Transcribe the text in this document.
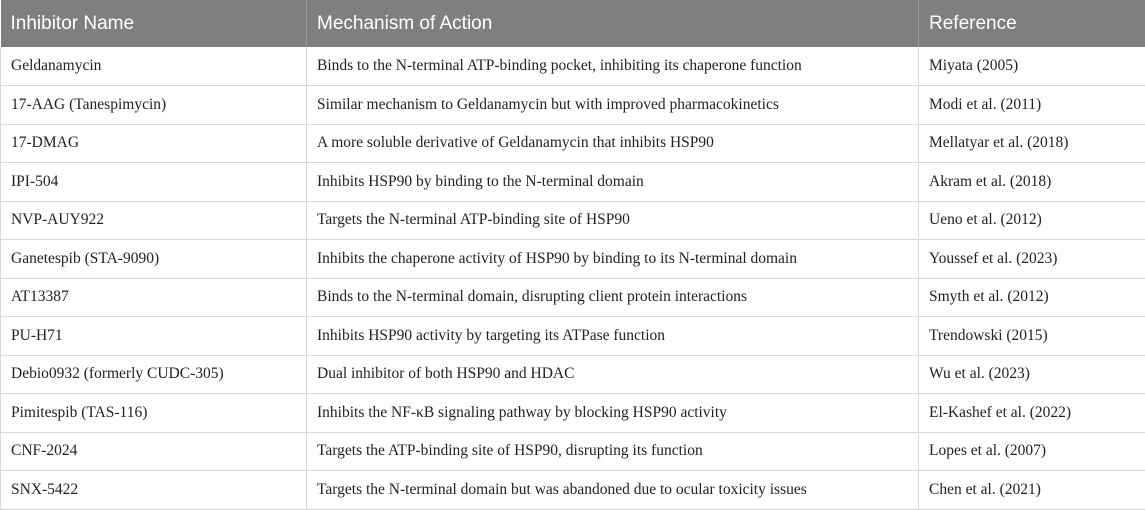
Inhibitor Name	Mechanism of Action	Reference
Geldanamycin	Binds to the N-terminal ATP-binding pocket, inhibiting its chaperone function	Miyata (2005)
17-AAG (Tanespimycin)	Similar mechanism to Geldanamycin but with improved pharmacokinetics	Modi et al. (2011)
17-DMAG	A more soluble derivative of Geldanamycin that inhibits HSP90	Mellatyar et al. (2018)
IPI-504	Inhibits HSP90 by binding to the N-terminal domain	Akram et al. (2018)
NVP-AUY922	Targets the N-terminal ATP-binding site of HSP90	Ueno et al. (2012)
Ganetespib (STA-9090)	Inhibits the chaperone activity of HSP90 by binding to its N-terminal domain	Youssef et al. (2023)
AT13387	Binds to the N-terminal domain, disrupting client protein interactions	Smyth et al. (2012)
PU-H71	Inhibits HSP90 activity by targeting its ATPase function	Trendowski (2015)
Debio0932 (formerly CUDC-305)	Dual inhibitor of both HSP90 and HDAC	Wu et al. (2023)
Pimitespib (TAS-116)	Inhibits the NF-κB signaling pathway by blocking HSP90 activity	El-Kashef et al. (2022)
CNF-2024	Targets the ATP-binding site of HSP90, disrupting its function	Lopes et al. (2007)
SNX-5422	Targets the N-terminal domain but was abandoned due to ocular toxicity issues	Chen et al. (2021)
